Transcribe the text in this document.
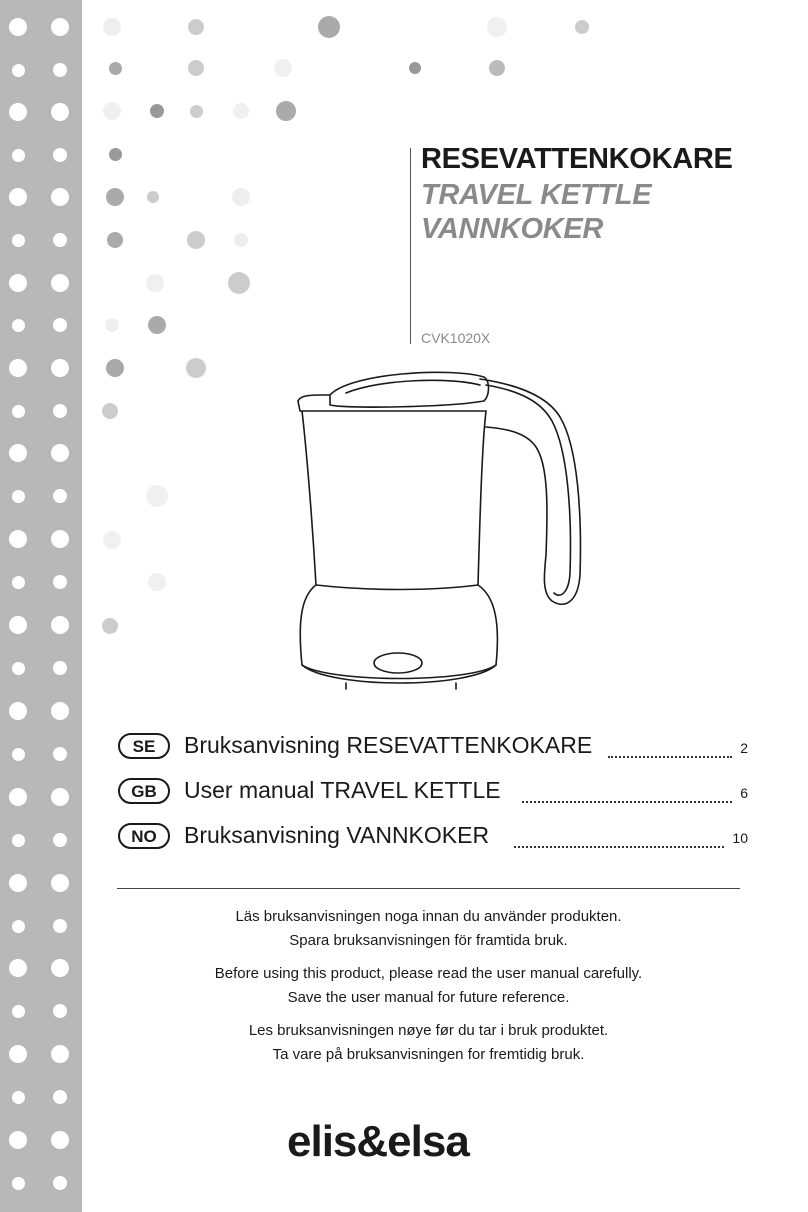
RESEVATTENKOKARE
TRAVEL KETTLE
VANNKOKER
CVK1020X
SE	Bruksanvisning RESEVATTENKOKARE	2
GB	User manual TRAVEL KETTLE	6
NO	Bruksanvisning VANNKOKER	10
Läs bruksanvisningen noga innan du använder produkten.
Spara bruksanvisningen för framtida bruk.
Before using this product, please read the user manual carefully.
Save the user manual for future reference.
Les bruksanvisningen nøye før du tar i bruk produktet.
Ta vare på bruksanvisningen for fremtidig bruk.
elis&elsa
